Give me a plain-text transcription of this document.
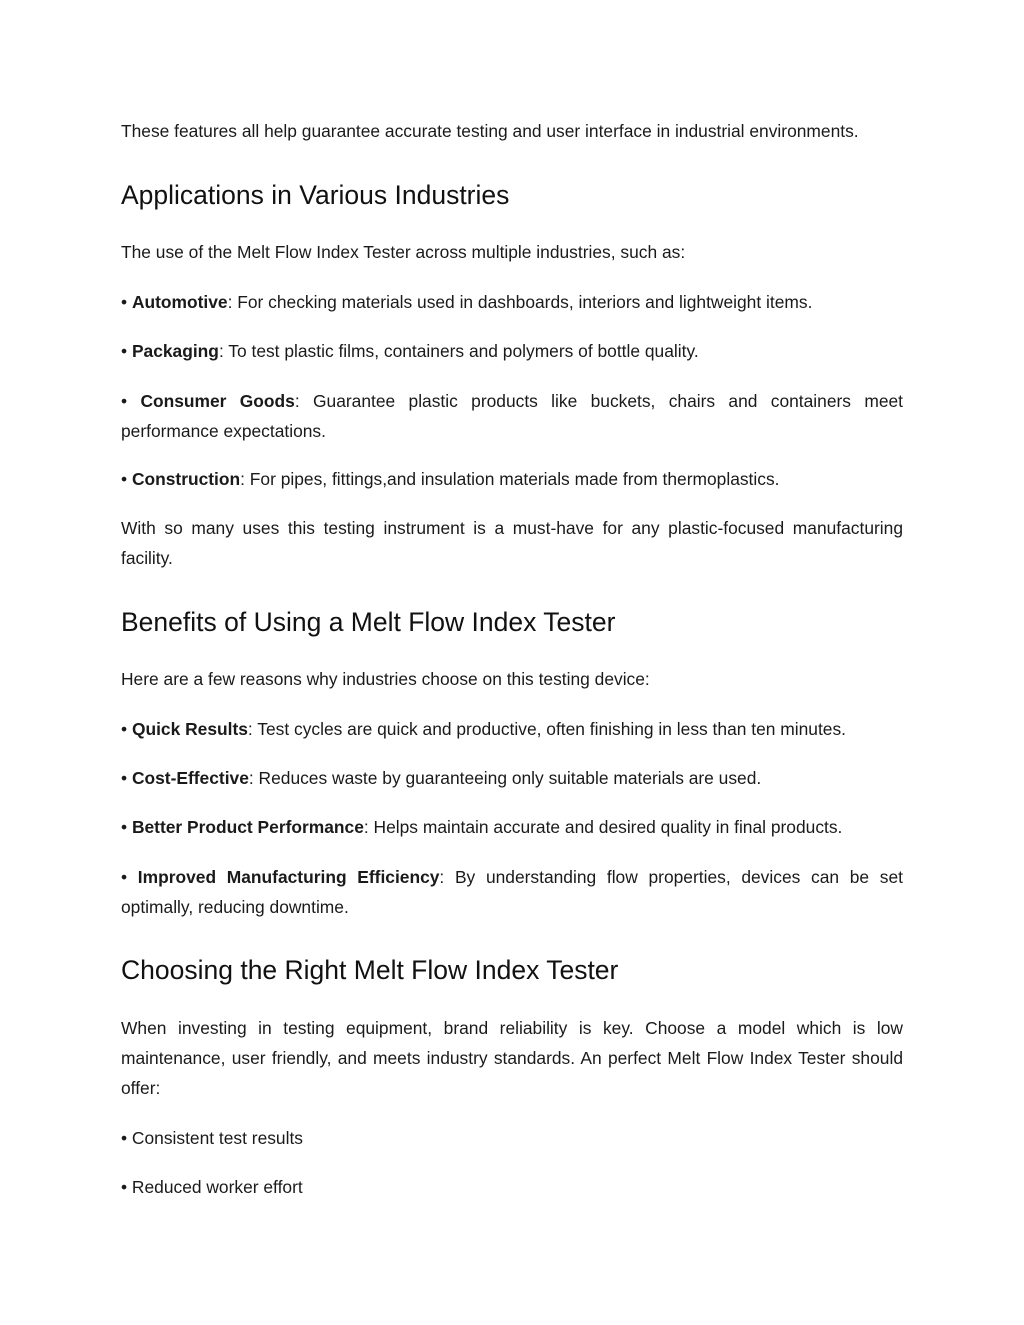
These features all help guarantee accurate testing and user interface in industrial environments.

Applications in Various Industries

The use of the Melt Flow Index Tester across multiple industries, such as:

• Automotive: For checking materials used in dashboards, interiors and lightweight items.

• Packaging: To test plastic films, containers and polymers of bottle quality.

• Consumer Goods: Guarantee plastic products like buckets, chairs and containers meet performance expectations.

• Construction: For pipes, fittings,and insulation materials made from thermoplastics.

With so many uses this testing instrument is a must-have for any plastic-focused manufacturing facility.

Benefits of Using a Melt Flow Index Tester

Here are a few reasons why industries choose on this testing device:

• Quick Results: Test cycles are quick and productive, often finishing in less than ten minutes.

• Cost-Effective: Reduces waste by guaranteeing only suitable materials are used.

• Better Product Performance: Helps maintain accurate and desired quality in final products.

• Improved Manufacturing Efficiency: By understanding flow properties, devices can be set optimally, reducing downtime.

Choosing the Right Melt Flow Index Tester

When investing in testing equipment, brand reliability is key. Choose a model which is low maintenance, user friendly, and meets industry standards. An perfect Melt Flow Index Tester should offer:

• Consistent test results

• Reduced worker effort
